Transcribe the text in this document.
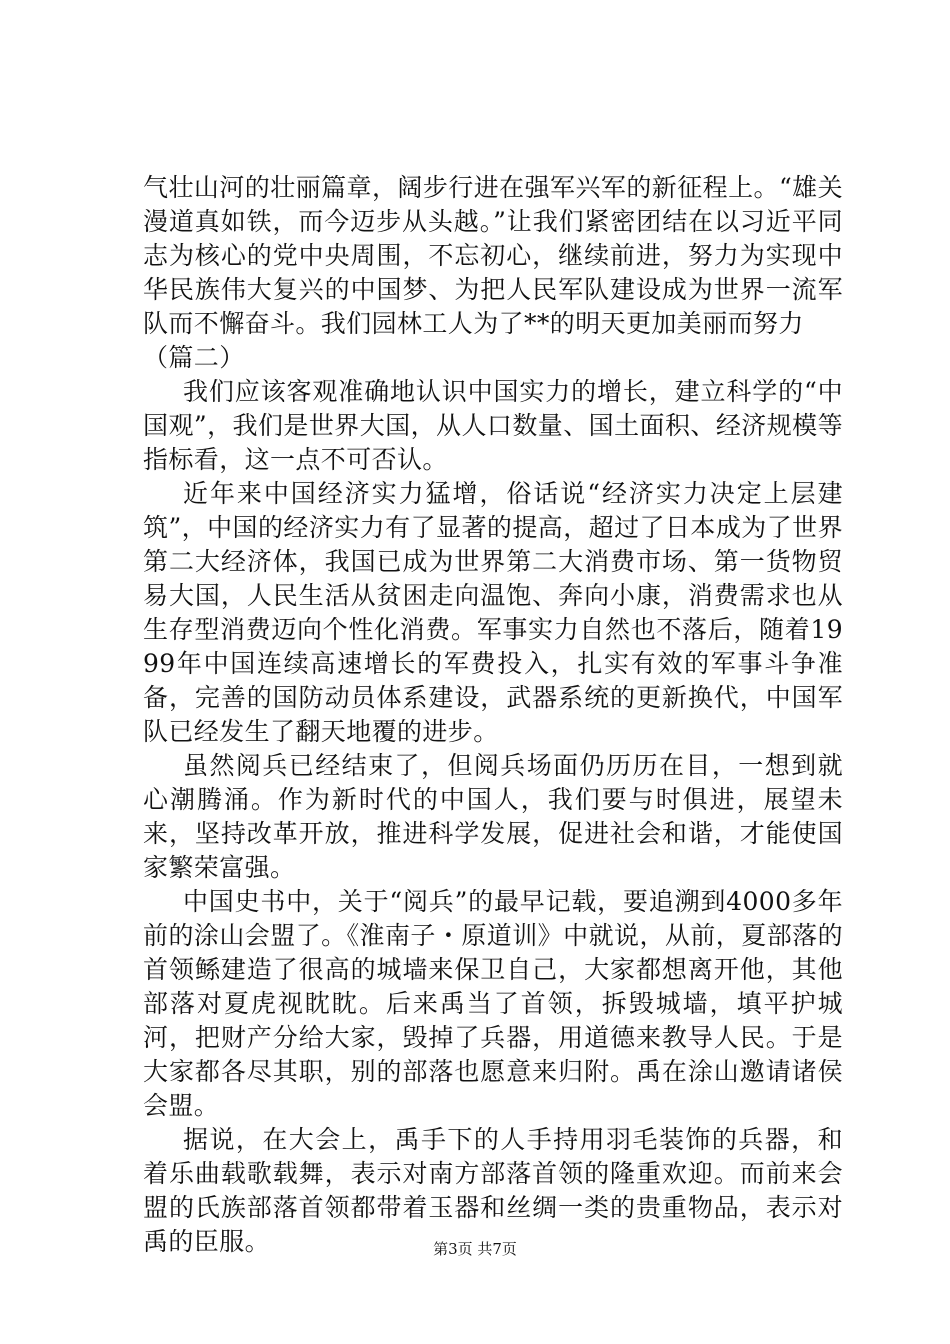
气壮山河的壮丽篇章，阔步行进在强军兴军的新征程上。“雄关漫道真如铁，而今迈步从头越。”让我们紧密团结在以习近平同志为核心的党中央周围，不忘初心，继续前进，努力为实现中华民族伟大复兴的中国梦、为把人民军队建设成为世界一流军队而不懈奋斗。我们园林工人为了**的明天更加美丽而努力

（篇二）

我们应该客观准确地认识中国实力的增长，建立科学的“中国观”，我们是世界大国，从人口数量、国土面积、经济规模等指标看，这一点不可否认。

近年来中国经济实力猛增，俗话说“经济实力决定上层建筑”，中国的经济实力有了显著的提高，超过了日本成为了世界第二大经济体，我国已成为世界第二大消费市场、第一货物贸易大国，人民生活从贫困走向温饱、奔向小康，消费需求也从生存型消费迈向个性化消费。军事实力自然也不落后，随着1999年中国连续高速增长的军费投入，扎实有效的军事斗争准备，完善的国防动员体系建设，武器系统的更新换代，中国军队已经发生了翻天地覆的进步。

虽然阅兵已经结束了，但阅兵场面仍历历在目，一想到就心潮腾涌。作为新时代的中国人，我们要与时俱进，展望未来，坚持改革开放，推进科学发展，促进社会和谐，才能使国家繁荣富强。

中国史书中，关于“阅兵”的最早记载，要追溯到4000多年前的涂山会盟了。《淮南子・原道训》中就说，从前，夏部落的首领鲧建造了很高的城墙来保卫自己，大家都想离开他，其他部落对夏虎视眈眈。后来禹当了首领，拆毁城墙，填平护城河，把财产分给大家，毁掉了兵器，用道德来教导人民。于是大家都各尽其职，别的部落也愿意来归附。禹在涂山邀请诸侯会盟。

据说，在大会上，禹手下的人手持用羽毛装饰的兵器，和着乐曲载歌载舞，表示对南方部落首领的隆重欢迎。而前来会盟的氏族部落首领都带着玉器和丝绸一类的贵重物品，表示对禹的臣服。	第3页 共7页
